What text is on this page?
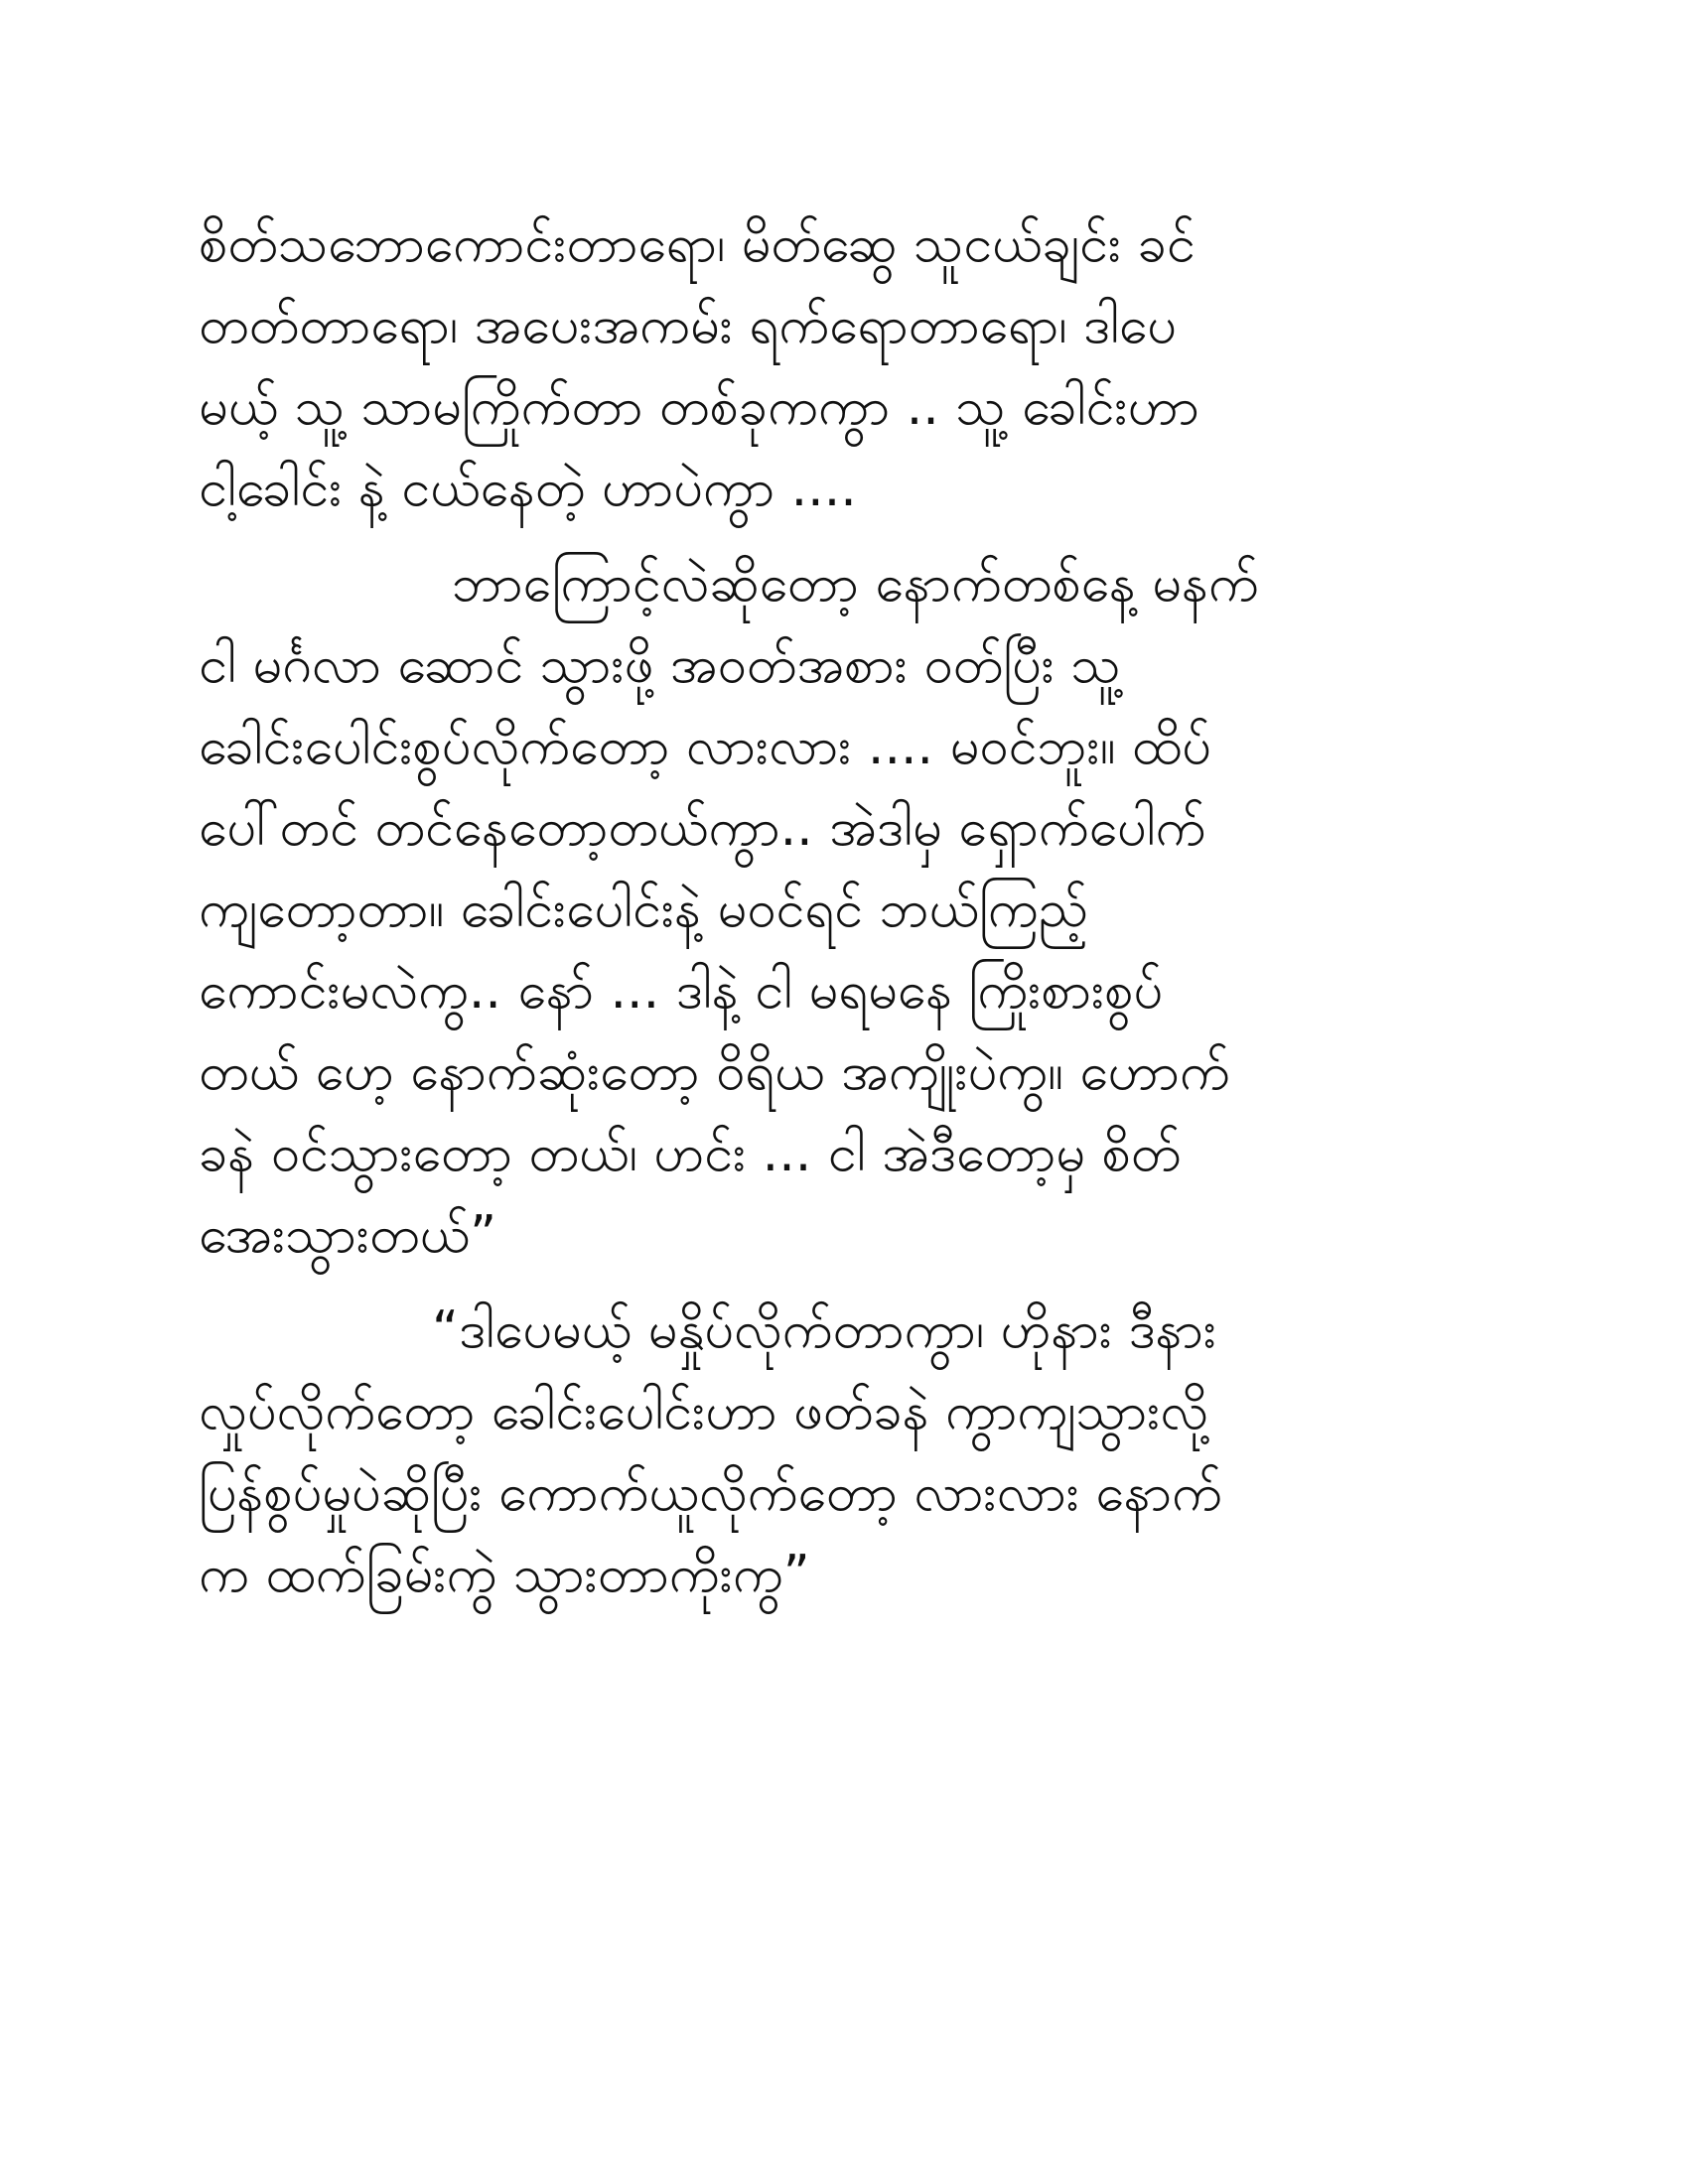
စိတ်သဘောကောင်းတာရော၊ မိတ်ဆွေ သူငယ်ချင်း ခင်
တတ်တာရော၊ အပေးအကမ်း ရက်ရောတာရော၊ ဒါပေ
မယ့် သူ့ သာမကြိုက်တာ တစ်ခုကကွာ .. သူ့ ခေါင်းဟာ
ငါ့ခေါင်း နဲ့ ငယ်နေတဲ့ ဟာပဲကွာ ....
ဘာကြောင့်လဲဆိုတော့ နောက်တစ်နေ့ မနက်
ငါ မင်္ဂလာ ဆောင် သွားဖို့ အဝတ်အစား ဝတ်ပြီး သူ့
ခေါင်းပေါင်းစွပ်လိုက်တော့ လားလား .... မဝင်ဘူး။ ထိပ်
ပေါ်တင် တင်နေတော့တယ်ကွာ.. အဲဒါမှ ရှောက်ပေါက်
ကျတော့တာ။ ခေါင်းပေါင်းနဲ့ မဝင်ရင် ဘယ်ကြည့်
ကောင်းမလဲကွ.. နော် ... ဒါနဲ့ ငါ မရမနေ ကြိုးစားစွပ်
တယ် ဟေ့ နောက်ဆုံးတော့ ဝိရိယ အကျိုးပဲကွ။ ဟောက်
ခနဲ ဝင်သွားတော့ တယ်၊ ဟင်း ... ငါ အဲဒီတော့မှ စိတ်
အေးသွားတယ်”
“ဒါပေမယ့် မနှိုပ်လိုက်တာကွာ၊ ဟိုနား ဒီနား
လှုပ်လိုက်တော့ ခေါင်းပေါင်းဟာ ဖတ်ခနဲ ကွာကျသွားလို့
ပြန်စွပ်မှုပဲဆိုပြီး ကောက်ယူလိုက်တော့ လားလား နောက်
က ထက်ခြမ်းကွဲ သွားတာကိုးကွ”
